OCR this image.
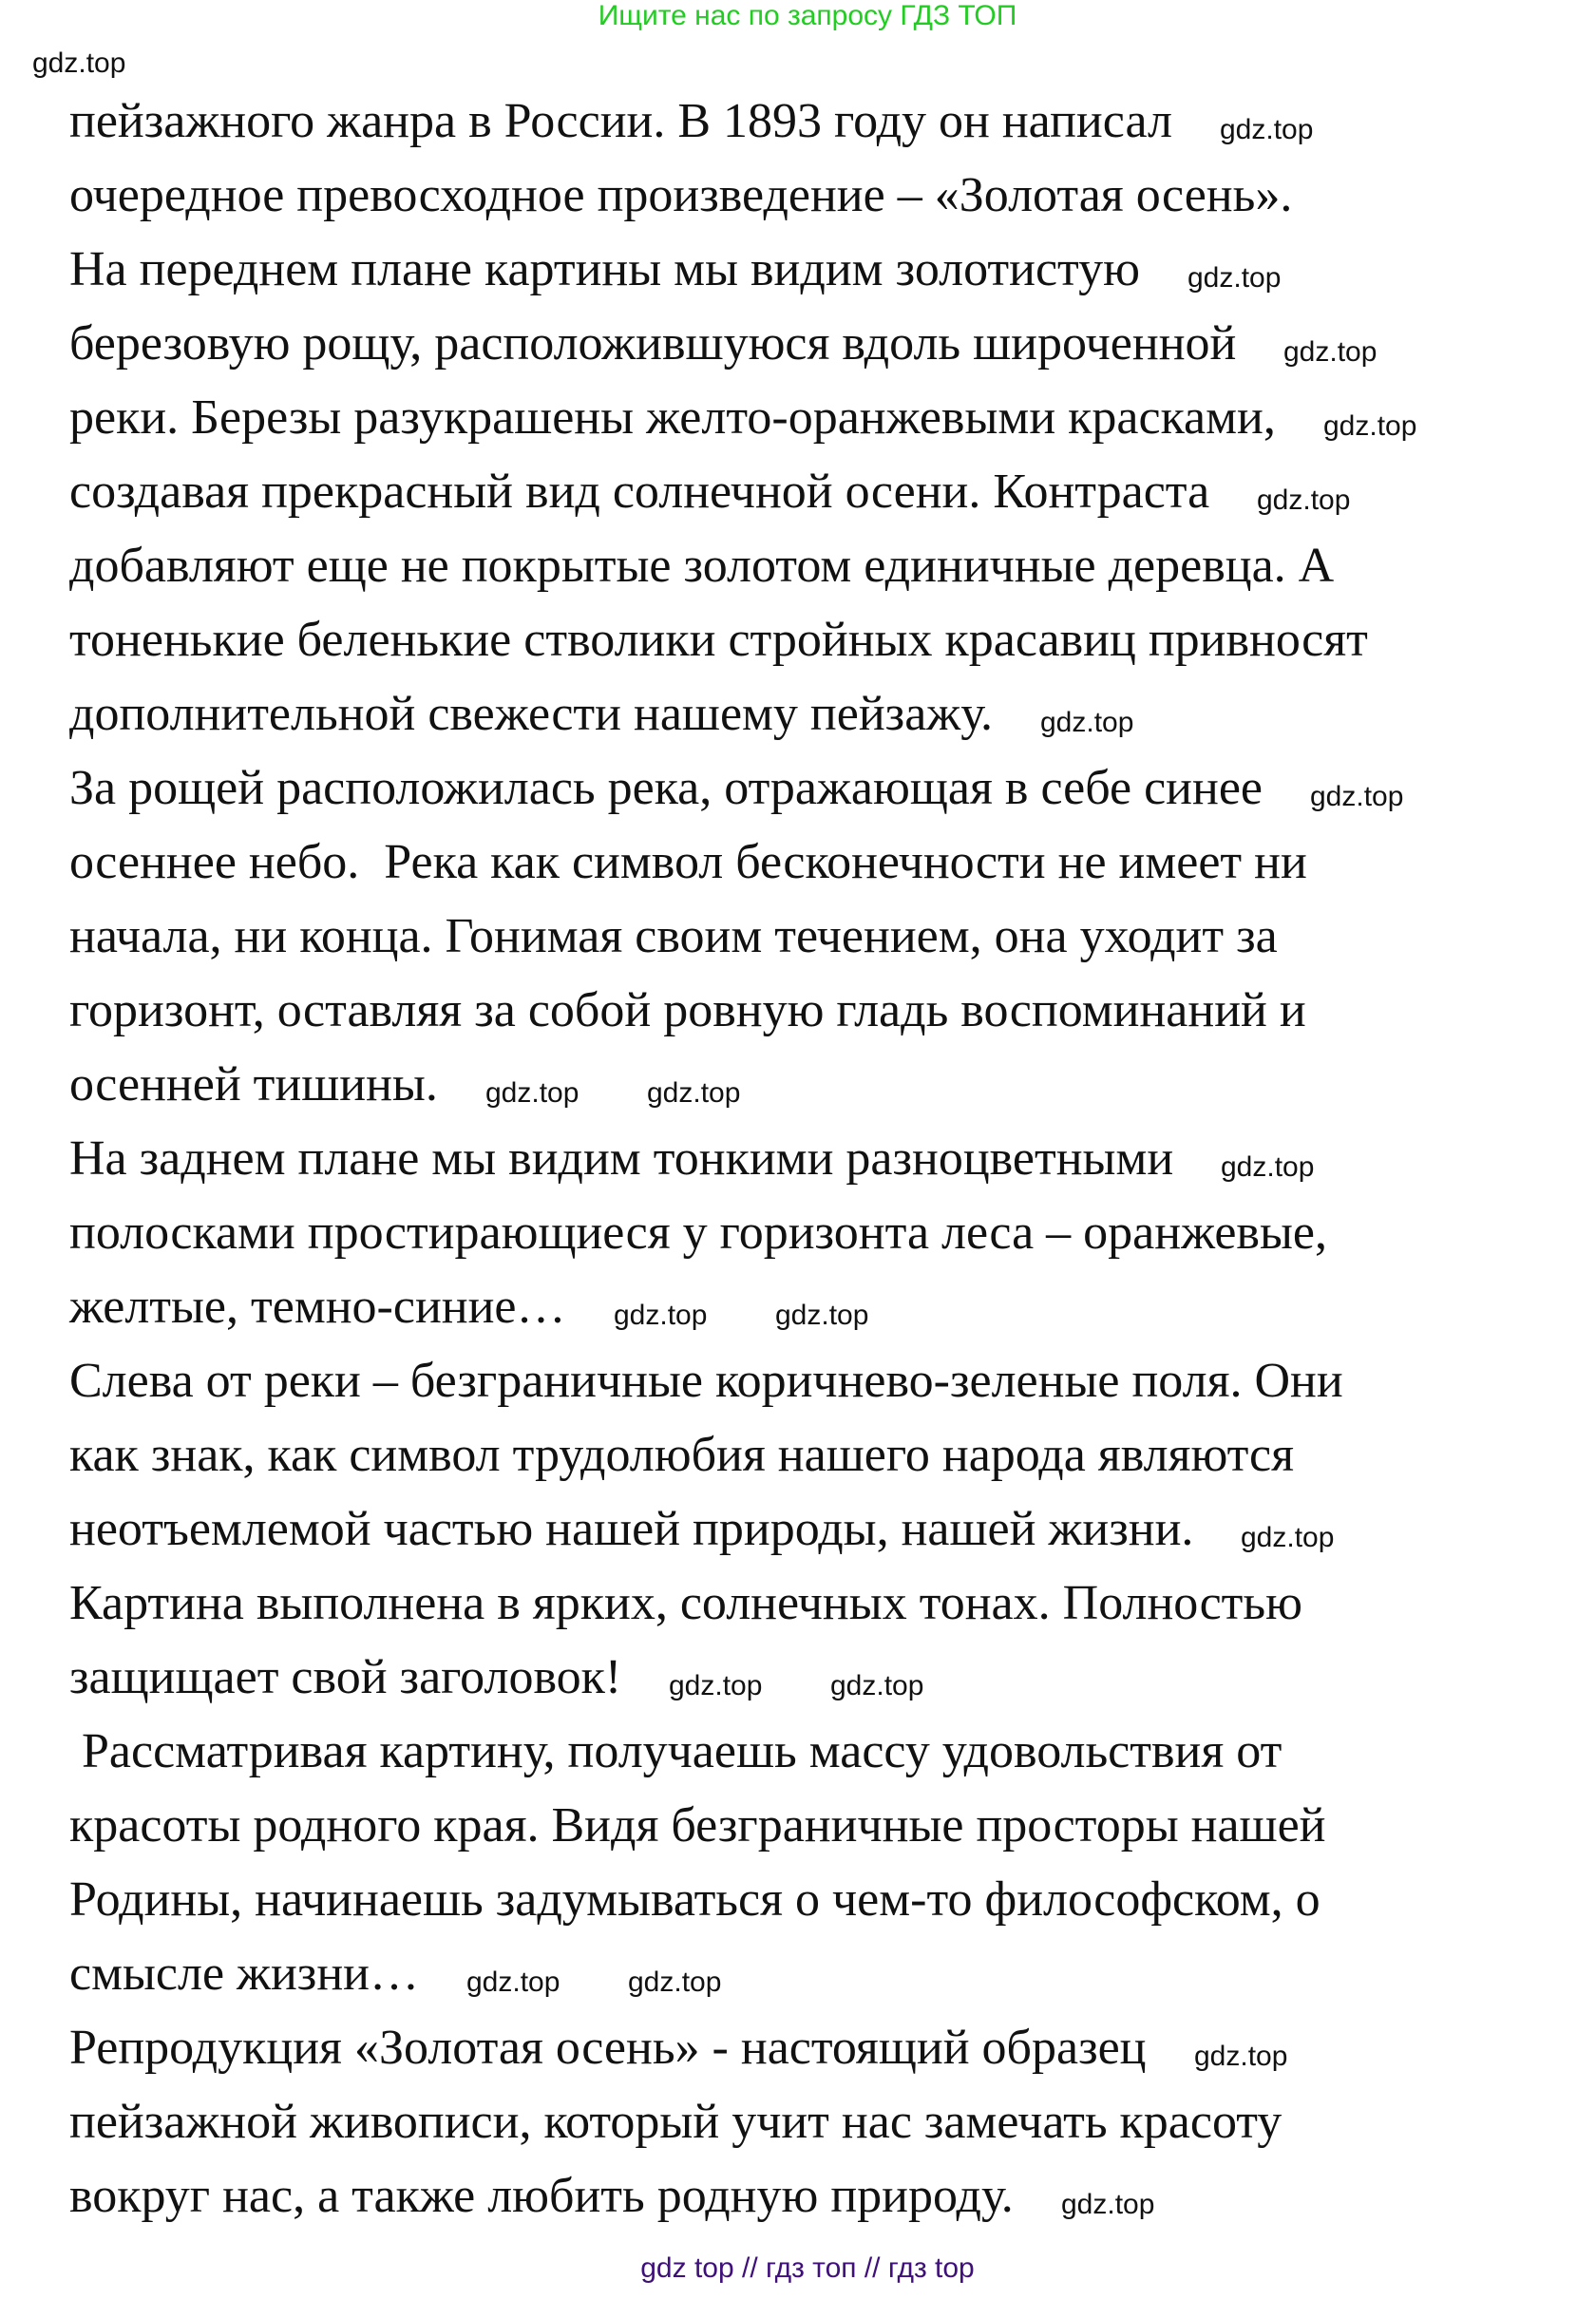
Ищите нас по запросу ГДЗ ТОП
пейзажного жанра в России. В 1893 году он написал
очередное превосходное произведение – «Золотая осень».
На переднем плане картины мы видим золотистую
березовую рощу, расположившуюся вдоль широченной
реки. Березы разукрашены желто-оранжевыми красками,
создавая прекрасный вид солнечной осени. Контраста
добавляют еще не покрытые золотом единичные деревца. А
тоненькие беленькие стволики стройных красавиц привносят
дополнительной свежести нашему пейзажу.
За рощей расположилась река, отражающая в себе синее
осеннее небо.  Река как символ бесконечности не имеет ни
начала, ни конца. Гонимая своим течением, она уходит за
горизонт, оставляя за собой ровную гладь воспоминаний и
осенней тишины.
На заднем плане мы видим тонкими разноцветными
полосками простирающиеся у горизонта леса – оранжевые,
желтые, темно-синие…
Слева от реки – безграничные коричнево-зеленые поля. Они
как знак, как символ трудолюбия нашего народа являются
неотъемлемой частью нашей природы, нашей жизни.
Картина выполнена в ярких, солнечных тонах. Полностью
защищает свой заголовок!
Рассматривая картину, получаешь массу удовольствия от
красоты родного края. Видя безграничные просторы нашей
Родины, начинаешь задумываться о чем-то философском, о
смысле жизни…
Репродукция «Золотая осень» - настоящий образец
пейзажной живописи, который учит нас замечать красоту
вокруг нас, а также любить родную природу.
gdz.top
gdz.top
gdz.top
gdz.top
gdz.top
gdz.top
gdz.top
gdz.top
gdz.top gdz.top
gdz.top
gdz.top gdz.top
gdz.top
gdz.top gdz.top
gdz.top gdz.top
gdz.top
gdz.top
gdz top // гдз топ // гдз top
